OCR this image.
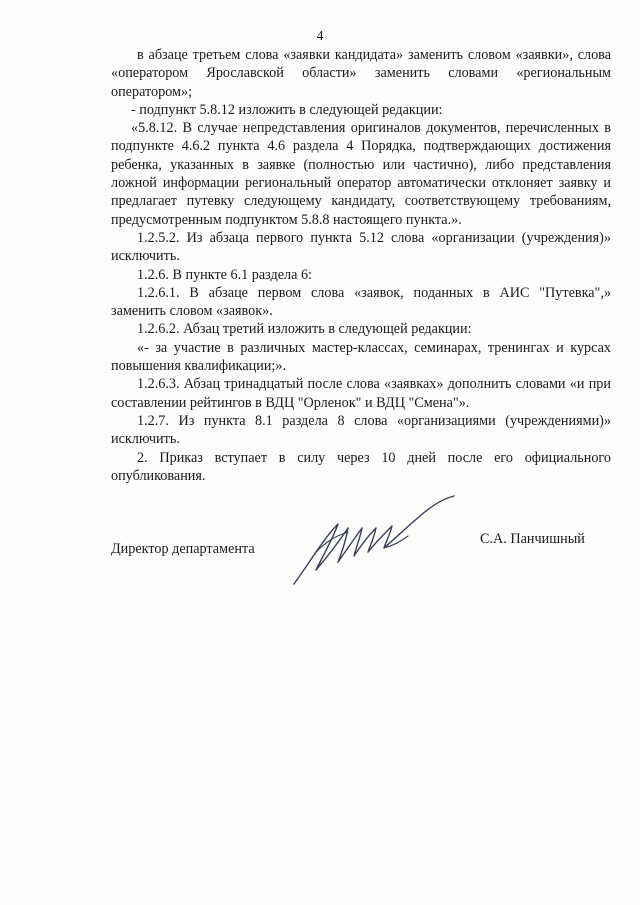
4

в абзаце третьем слова «заявки кандидата» заменить словом «заявки», слова «оператором Ярославской области» заменить словами «региональным оператором»;

- подпункт 5.8.12 изложить в следующей редакции:

«5.8.12. В случае непредставления оригиналов документов, перечисленных в подпункте 4.6.2 пункта 4.6 раздела 4 Порядка, подтверждающих достижения ребенка, указанных в заявке (полностью или частично), либо представления ложной информации региональный оператор автоматически отклоняет заявку и предлагает путевку следующему кандидату, соответствующему требованиям, предусмотренным подпунктом 5.8.8 настоящего пункта.».

1.2.5.2. Из абзаца первого пункта 5.12 слова «организации (учреждения)» исключить.

1.2.6. В пункте 6.1 раздела 6:

1.2.6.1. В абзаце первом слова «заявок, поданных в АИС "Путевка",» заменить словом «заявок».

1.2.6.2. Абзац третий изложить в следующей редакции:

«- за участие в различных мастер-классах, семинарах, тренингах и курсах повышения квалификации;».

1.2.6.3. Абзац тринадцатый после слова «заявках» дополнить словами «и при составлении рейтингов в ВДЦ "Орленок" и ВДЦ "Смена"».

1.2.7. Из пункта 8.1 раздела 8 слова «организациями (учреждениями)» исключить.

2. Приказ вступает в силу через 10 дней после его официального опубликования.

Директор департамента
С.А. Панчишный
